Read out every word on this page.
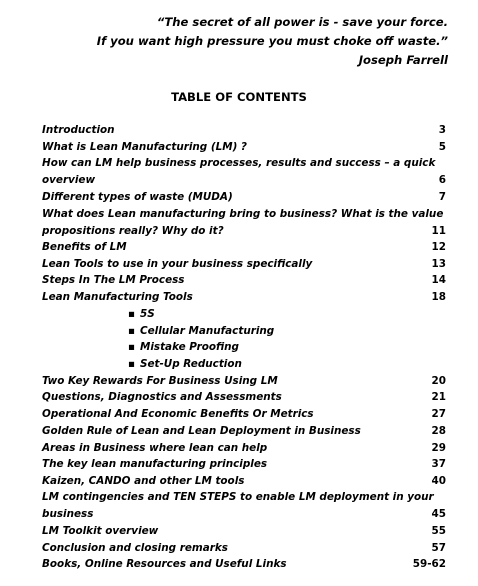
“The secret of all power is - save your force.
If you want high pressure you must choke off waste.”
Joseph Farrell
TABLE OF CONTENTS
Introduction	3
What is Lean Manufacturing (LM) ?	5
How can LM help business processes, results and success – a quick overview	6
Different types of waste (MUDA)	7
What does Lean manufacturing bring to business? What is the value propositions really? Why do it?	11
Benefits of LM	12
Lean Tools to use in your business specifically	13
Steps In The LM Process	14
Lean Manufacturing Tools	18
Two Key Rewards For Business Using LM	20
Questions, Diagnostics and Assessments	21
Operational And Economic Benefits Or Metrics	27
Golden Rule of Lean and Lean Deployment in Business	28
Areas in Business where lean can help	29
The key lean manufacturing principles	37
Kaizen, CANDO and other LM tools	40
LM contingencies and TEN STEPS to enable LM deployment in your business	45
LM Toolkit overview	55
Conclusion and closing remarks	57
Books, Online Resources and Useful Links	59-62
▪ 5S
▪ Cellular Manufacturing
▪ Mistake Proofing
▪ Set-Up Reduction
